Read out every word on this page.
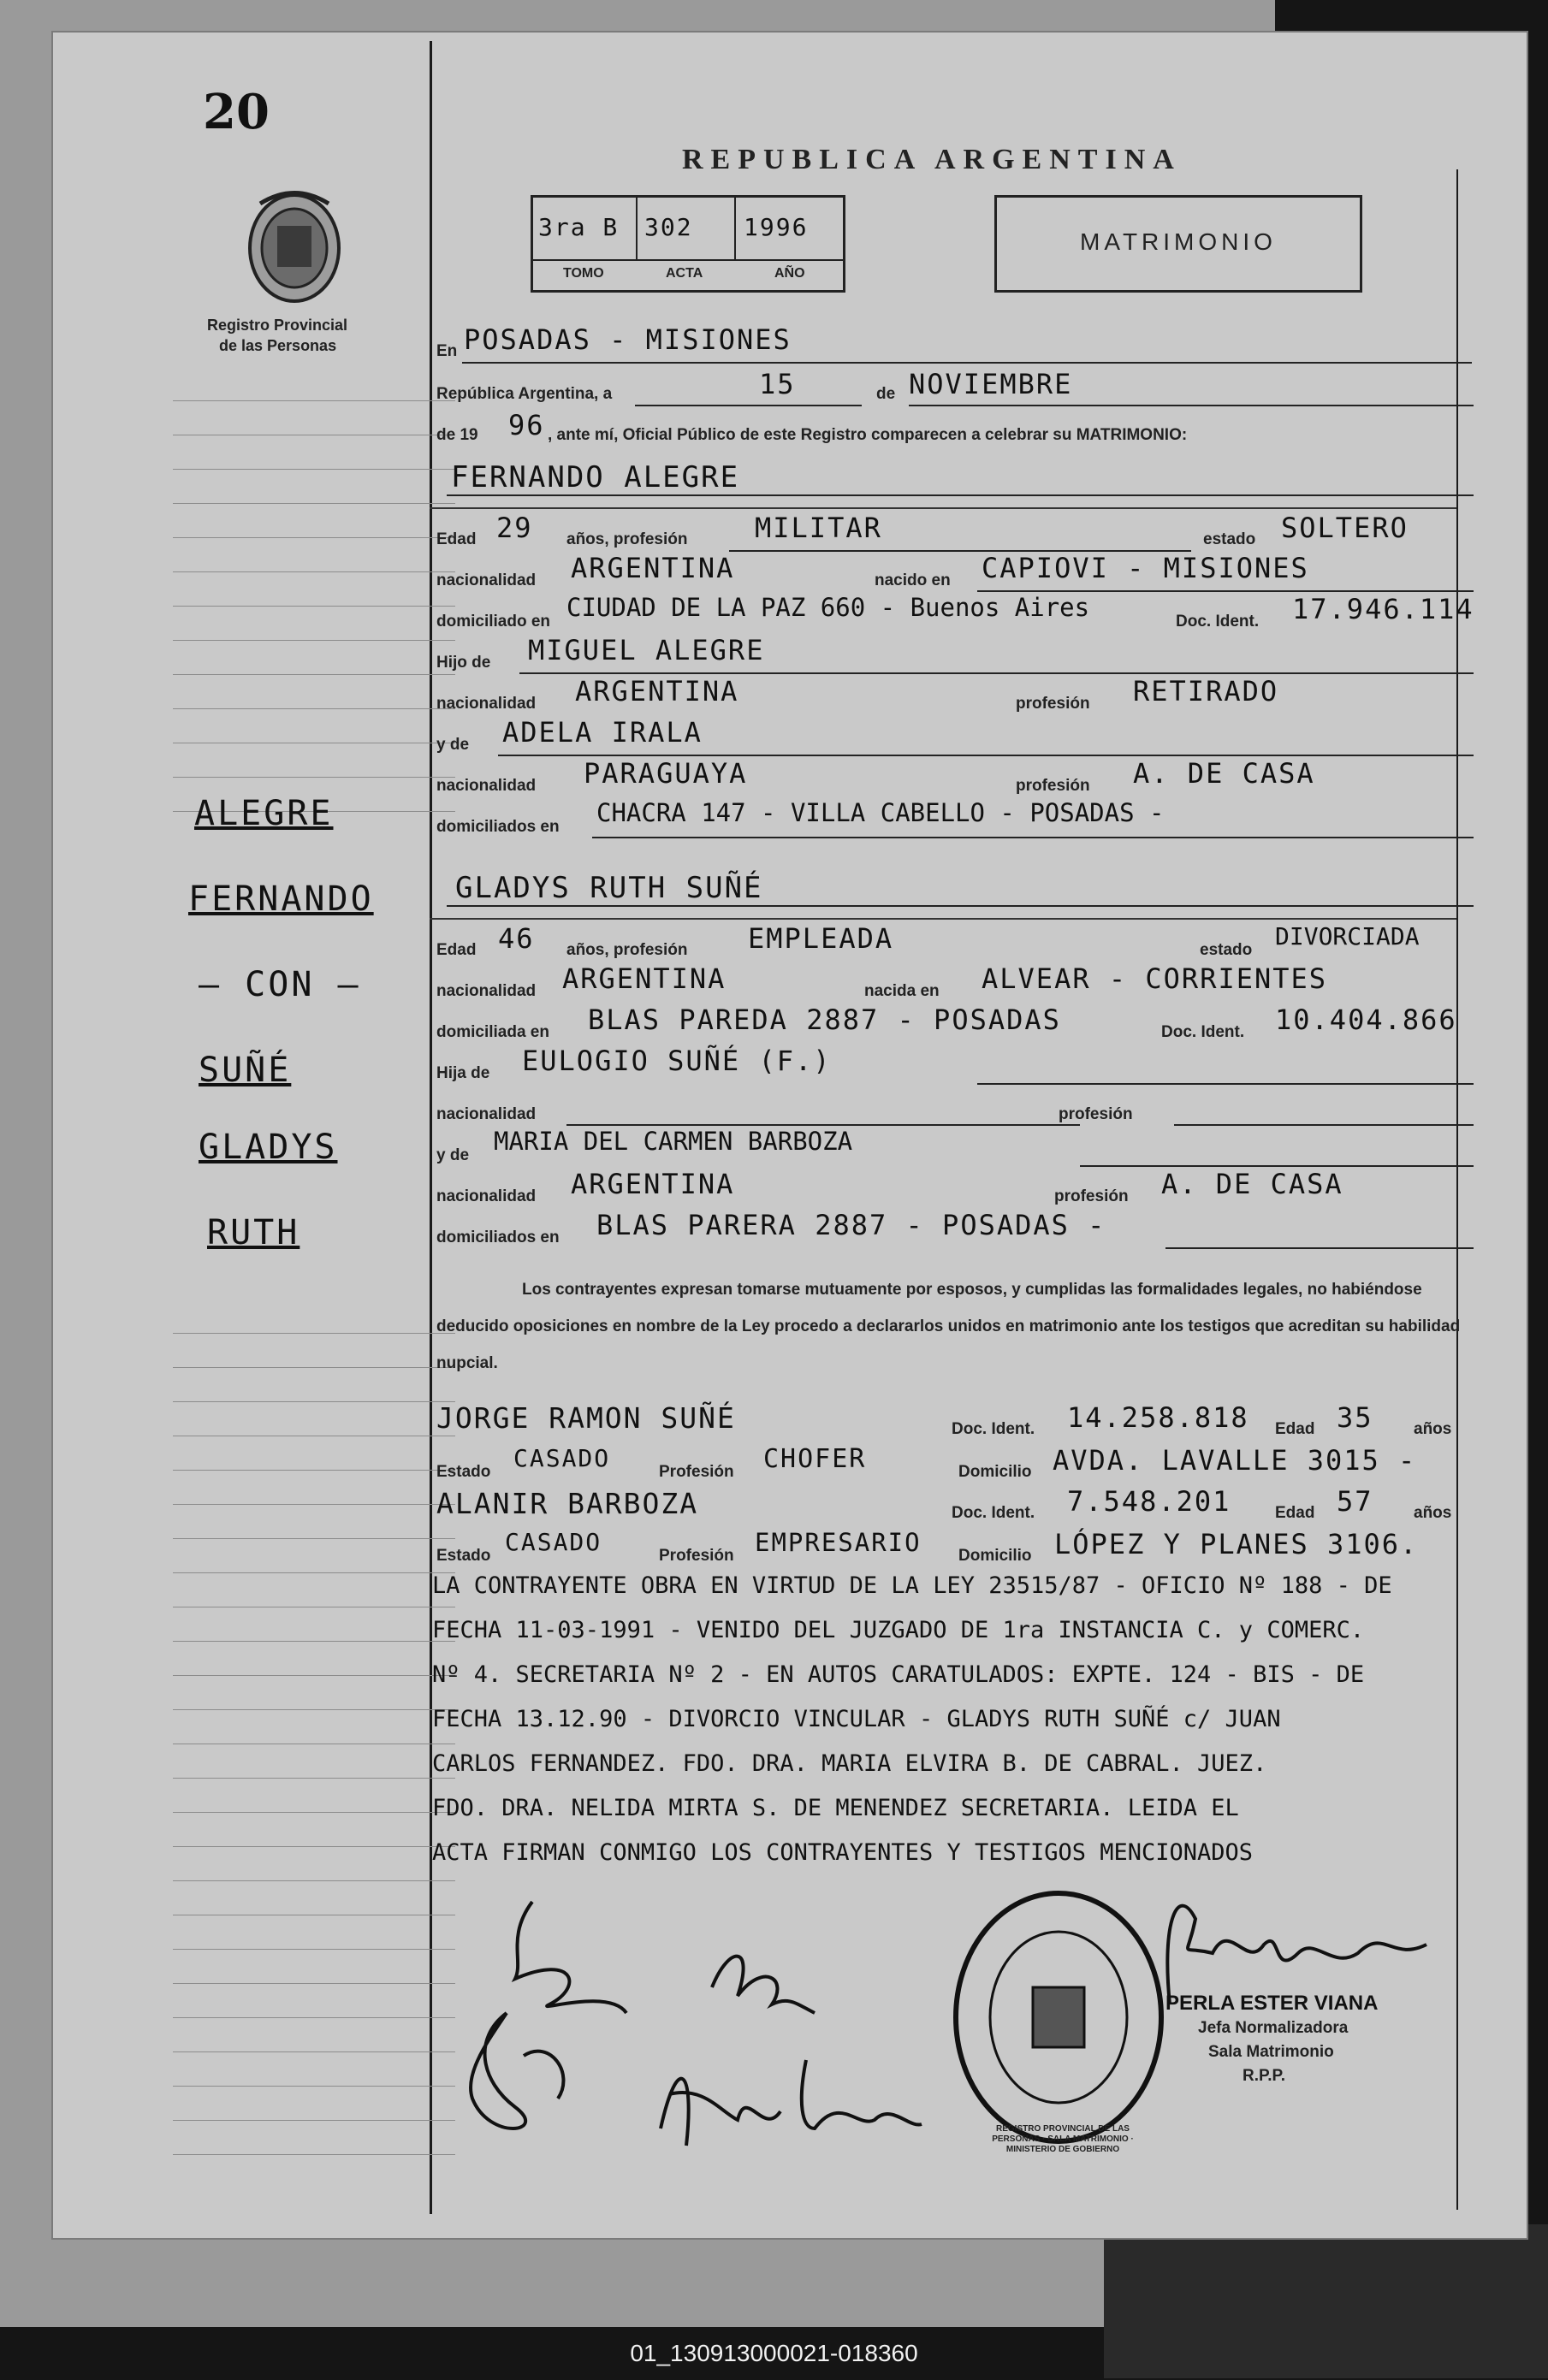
20
Registro Provincial
de las Personas
ALEGRE
FERNANDO
— CON —
SUÑÉ
GLADYS
RUTH
REPUBLICA ARGENTINA
3ra B 302 1996
TOMO	ACTA	AÑO
MATRIMONIO
En POSADAS - MISIONES
República Argentina, a	15	de NOVIEMBRE
de 19 96 , ante mí, Oficial Público de este Registro comparecen a celebrar su MATRIMONIO:
FERNANDO ALEGRE
Edad 29 años, profesión MILITAR	estado SOLTERO
nacionalidad ARGENTINA	nacido en CAPIOVI - MISIONES
domiciliado en CIUDAD DE LA PAZ 660 - Buenos Aires	Doc. Ident. 17.946.114
Hijo de MIGUEL ALEGRE
nacionalidad ARGENTINA	profesión RETIRADO
y de ADELA IRALA
nacionalidad PARAGUAYA	profesión A. DE CASA
domiciliados en CHACRA 147 - VILLA CABELLO - POSADAS -
GLADYS RUTH SUÑÉ
Edad 46 años, profesión EMPLEADA	estado DIVORCIADA
nacionalidad ARGENTINA	nacida en ALVEAR - CORRIENTES
domiciliada en BLAS PAREDA 2887 - POSADAS	Doc. Ident. 10.404.866
Hija de EULOGIO SUÑÉ (F.)
nacionalidad	profesión
y de MARIA DEL CARMEN BARBOZA
nacionalidad ARGENTINA	profesión A. DE CASA
domiciliados en BLAS PARERA 2887 - POSADAS -
Los contrayentes expresan tomarse mutuamente por esposos, y cumplidas las formalidades legales, no habiéndose deducido oposiciones en nombre de la Ley procedo a declararlos unidos en matrimonio ante los testigos que acreditan su habilidad nupcial.
JORGE RAMON SUÑÉ	Doc. Ident. 14.258.818 Edad 35 años
Estado CASADO	Profesión CHOFER	Domicilio AVDA. LAVALLE 3015 -
ALANIR BARBOZA	Doc. Ident. 7.548.201	Edad 57 años
Estado CASADO	Profesión EMPRESARIO Domicilio LÓPEZ Y PLANES 3106.
LA CONTRAYENTE OBRA EN VIRTUD DE LA LEY 23515/87 - OFICIO Nº 188 - DE
FECHA 11-03-1991 - VENIDO DEL JUZGADO DE 1ra INSTANCIA C. y COMERC.
Nº 4. SECRETARIA Nº 2 - EN AUTOS CARATULADOS: EXPTE. 124 - BIS - DE
FECHA 13.12.90 - DIVORCIO VINCULAR - GLADYS RUTH SUÑÉ c/ JUAN
CARLOS FERNANDEZ. FDO. DRA. MARIA ELVIRA B. DE CABRAL. JUEZ.
FDO. DRA. NELIDA MIRTA S. DE MENENDEZ SECRETARIA. LEIDA EL
ACTA FIRMAN CONMIGO LOS CONTRAYENTES Y TESTIGOS MENCIONADOS
REGISTRO PROVINCIAL DE LAS PERSONAS · SALA MATRIMONIO · MINISTERIO DE GOBIERNO
PERLA ESTER VIANA
Jefa Normalizadora
Sala Matrimonio
R.P.P.
01_130913000021-018360
